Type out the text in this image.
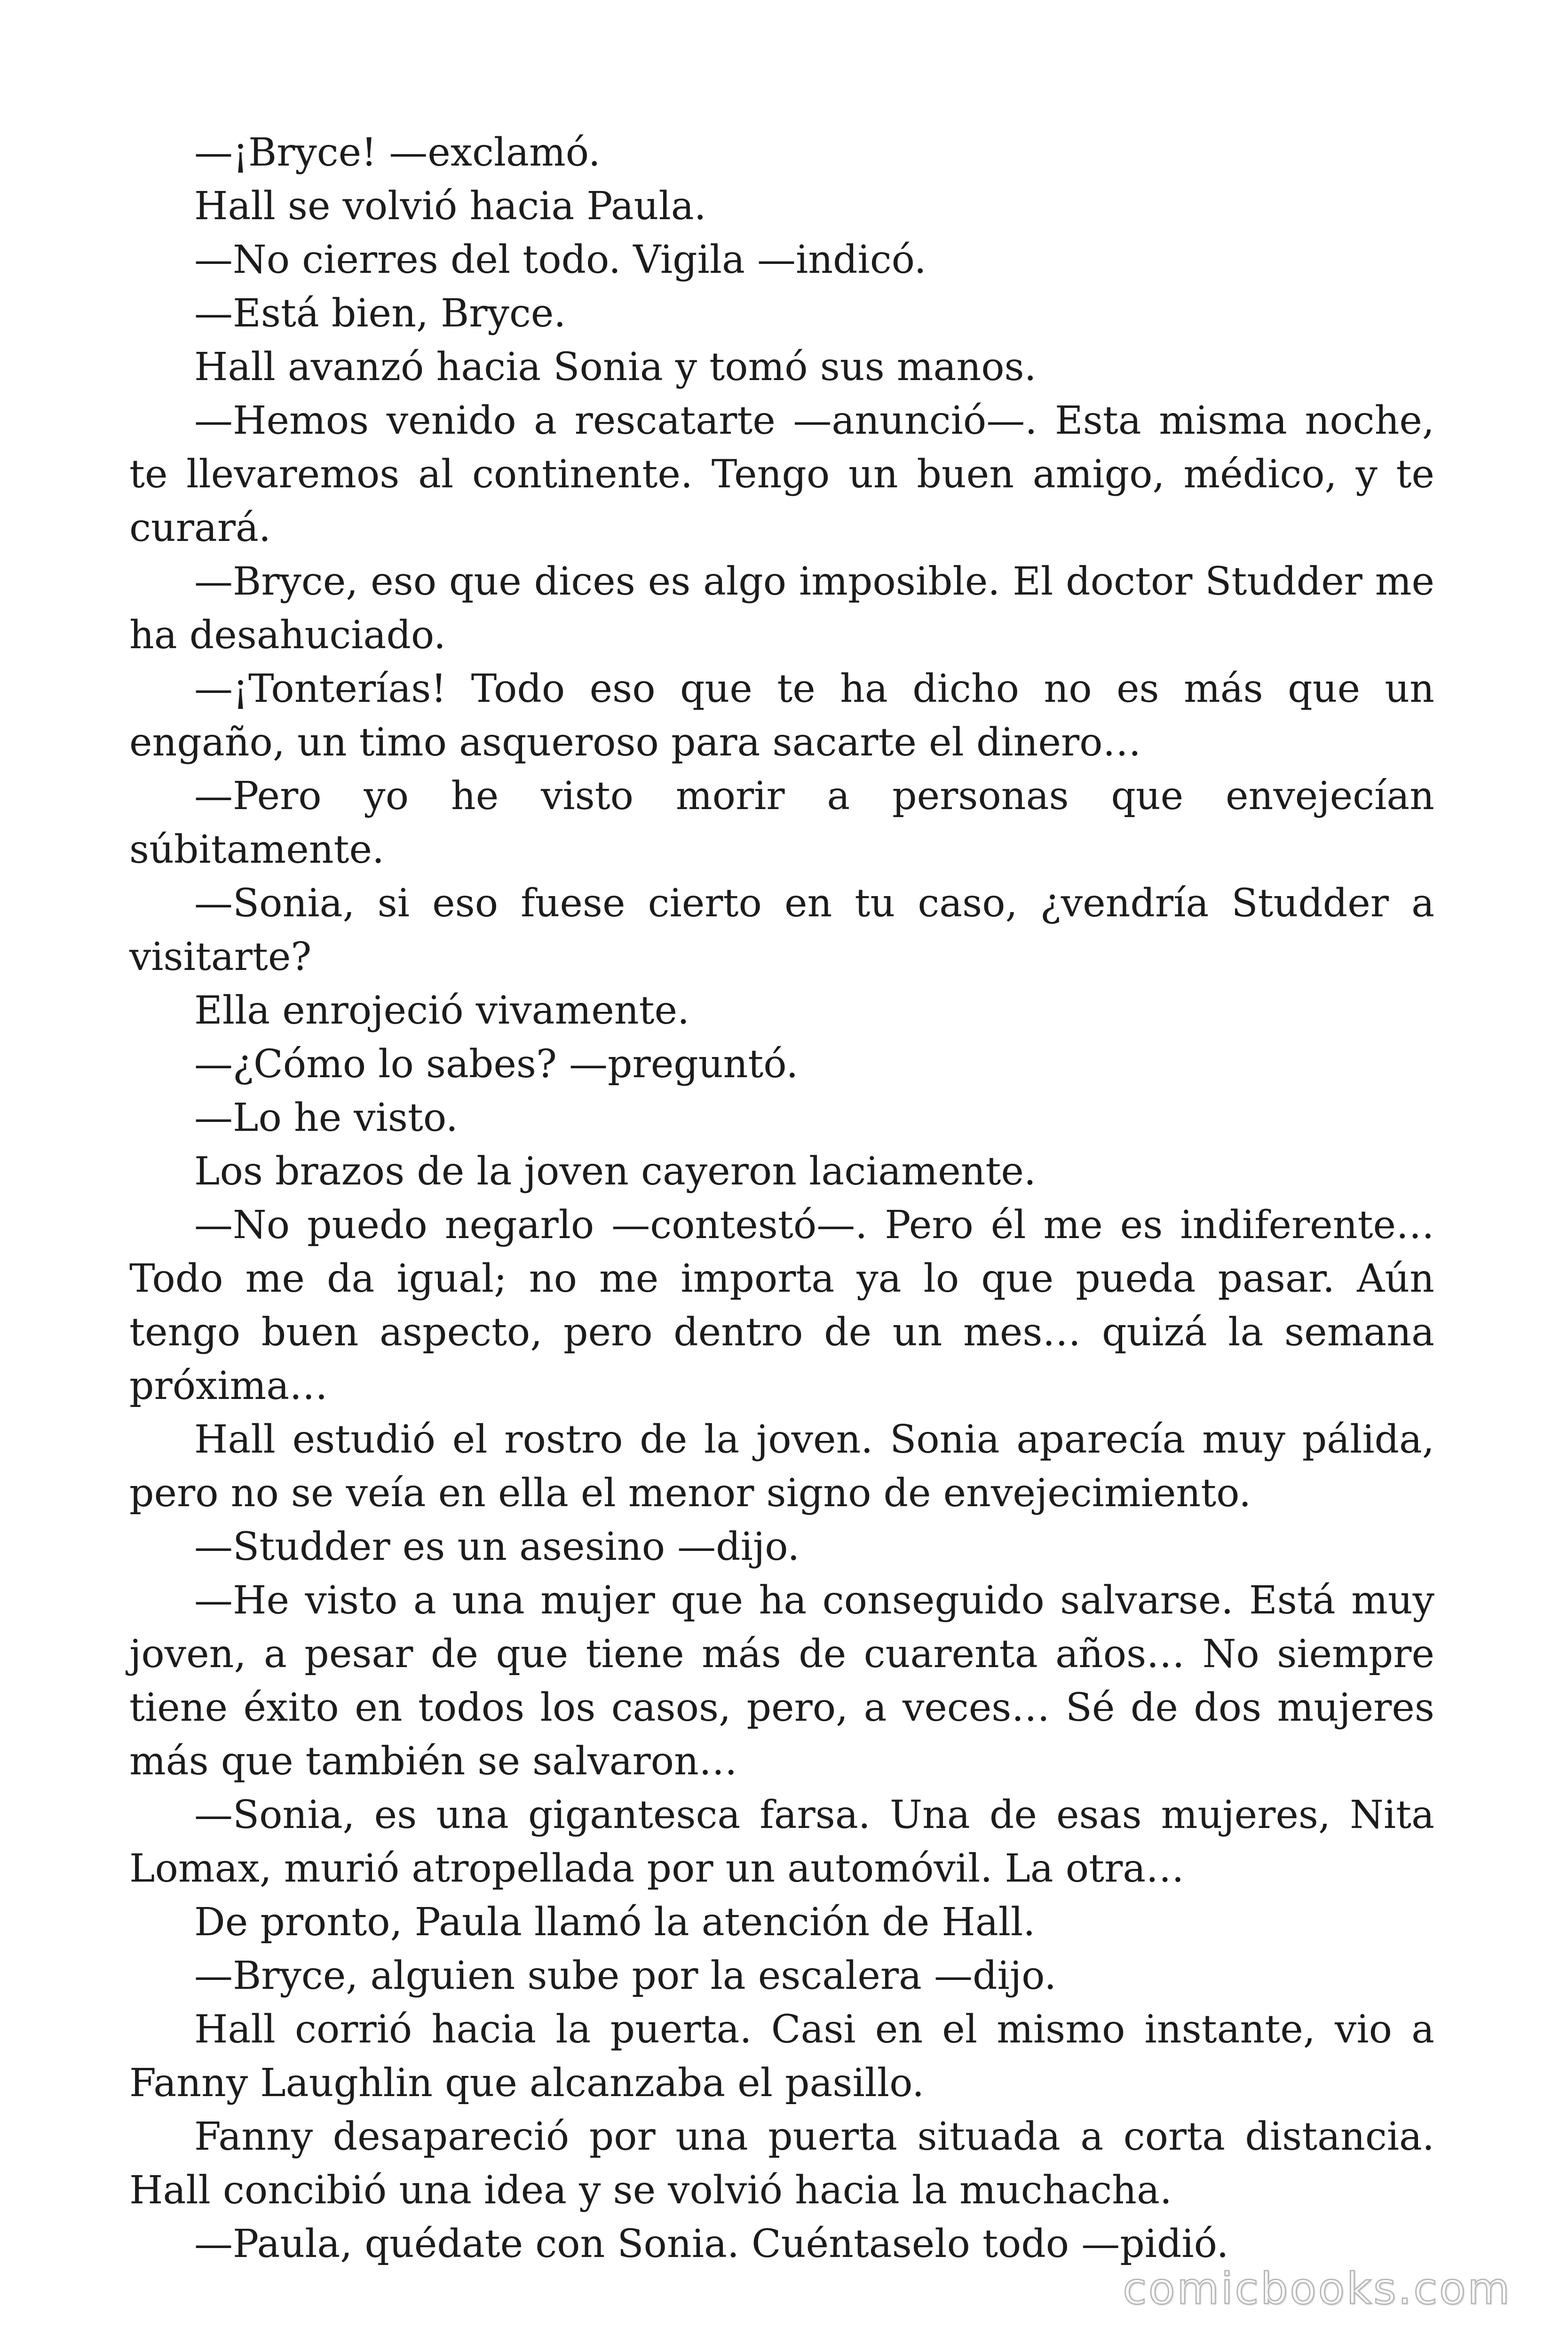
—¡Bryce! —exclamó.

Hall se volvió hacia Paula.

—No cierres del todo. Vigila —indicó.

—Está bien, Bryce.

Hall avanzó hacia Sonia y tomó sus manos.

—Hemos venido a rescatarte —anunció—. Esta misma noche, te llevaremos al continente. Tengo un buen amigo, médico, y te curará.

—Bryce, eso que dices es algo imposible. El doctor Studder me ha desahuciado.

—¡Tonterías! Todo eso que te ha dicho no es más que un engaño, un timo asqueroso para sacarte el dinero…

—Pero yo he visto morir a personas que envejecían súbitamente.

—Sonia, si eso fuese cierto en tu caso, ¿vendría Studder a visitarte?

Ella enrojeció vivamente.

—¿Cómo lo sabes? —preguntó.

—Lo he visto.

Los brazos de la joven cayeron laciamente.

—No puedo negarlo —contestó—. Pero él me es indiferente… Todo me da igual; no me importa ya lo que pueda pasar. Aún tengo buen aspecto, pero dentro de un mes… quizá la semana próxima…

Hall estudió el rostro de la joven. Sonia aparecía muy pálida, pero no se veía en ella el menor signo de envejecimiento.

—Studder es un asesino —dijo.

—He visto a una mujer que ha conseguido salvarse. Está muy joven, a pesar de que tiene más de cuarenta años… No siempre tiene éxito en todos los casos, pero, a veces… Sé de dos mujeres más que también se salvaron…

—Sonia, es una gigantesca farsa. Una de esas mujeres, Nita Lomax, murió atropellada por un automóvil. La otra…

De pronto, Paula llamó la atención de Hall.

—Bryce, alguien sube por la escalera —dijo.

Hall corrió hacia la puerta. Casi en el mismo instante, vio a Fanny Laughlin que alcanzaba el pasillo.

Fanny desapareció por una puerta situada a corta distancia. Hall concibió una idea y se volvió hacia la muchacha.

—Paula, quédate con Sonia. Cuéntaselo todo —pidió.

comicbooks.com
